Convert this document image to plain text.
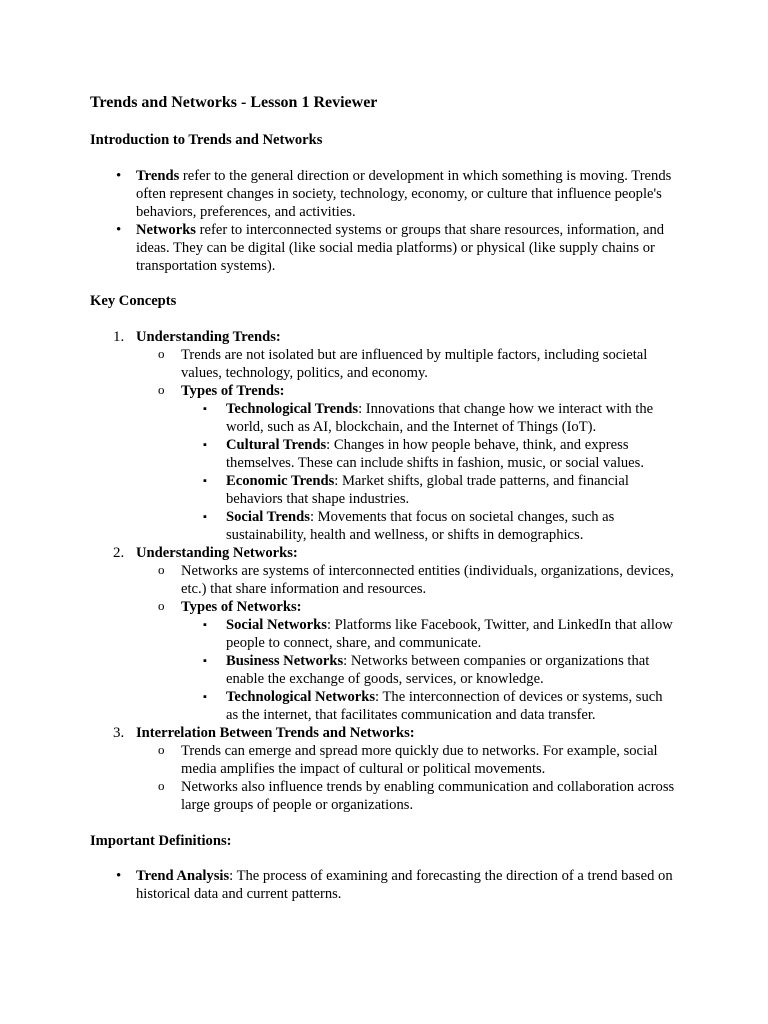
Trends and Networks - Lesson 1 Reviewer
Introduction to Trends and Networks
• Trends refer to the general direction or development in which something is moving. Trends often represent changes in society, technology, economy, or culture that influence people's behaviors, preferences, and activities.
• Networks refer to interconnected systems or groups that share resources, information, and ideas. They can be digital (like social media platforms) or physical (like supply chains or transportation systems).
Key Concepts
1. Understanding Trends:
o Trends are not isolated but are influenced by multiple factors, including societal values, technology, politics, and economy.
o Types of Trends:
▪ Technological Trends: Innovations that change how we interact with the world, such as AI, blockchain, and the Internet of Things (IoT).
▪ Cultural Trends: Changes in how people behave, think, and express themselves. These can include shifts in fashion, music, or social values.
▪ Economic Trends: Market shifts, global trade patterns, and financial behaviors that shape industries.
▪ Social Trends: Movements that focus on societal changes, such as sustainability, health and wellness, or shifts in demographics.
2. Understanding Networks:
o Networks are systems of interconnected entities (individuals, organizations, devices, etc.) that share information and resources.
o Types of Networks:
▪ Social Networks: Platforms like Facebook, Twitter, and LinkedIn that allow people to connect, share, and communicate.
▪ Business Networks: Networks between companies or organizations that enable the exchange of goods, services, or knowledge.
▪ Technological Networks: The interconnection of devices or systems, such as the internet, that facilitates communication and data transfer.
3. Interrelation Between Trends and Networks:
o Trends can emerge and spread more quickly due to networks. For example, social media amplifies the impact of cultural or political movements.
o Networks also influence trends by enabling communication and collaboration across large groups of people or organizations.
Important Definitions:
• Trend Analysis: The process of examining and forecasting the direction of a trend based on historical data and current patterns.
